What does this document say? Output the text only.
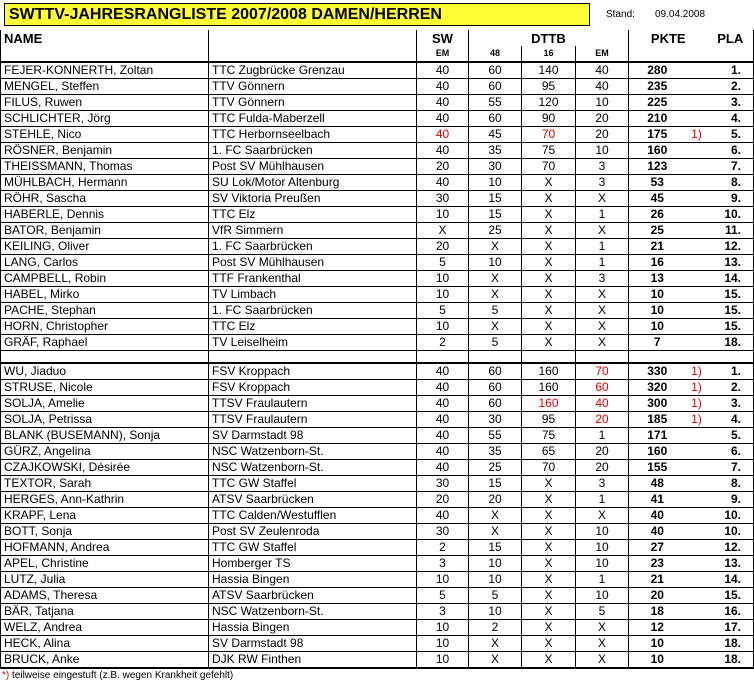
SWTTV-JAHRESRANGLISTE 2007/2008 DAMEN/HERREN	Stand: 09.04.2008
NAME		SW	DTTB			PKTE		PLA
		EM	48	16	EM			
FEJER-KONNERTH, Zoltan	TTC Zugbrücke Grenzau	40	60	140	40	280		1.
MENGEL, Steffen	TTV Gönnern	40	60	95	40	235		2.
FILUS, Ruwen	TTV Gönnern	40	55	120	10	225		3.
SCHLICHTER, Jörg	TTC Fulda-Maberzell	40	60	90	20	210		4.
STEHLE, Nico	TTC Herbornseelbach	40	45	70	20	175	1)	5.
RÖSNER, Benjamin	1. FC Saarbrücken	40	35	75	10	160		6.
THEISSMANN, Thomas	Post SV Mühlhausen	20	30	70	3	123		7.
MÜHLBACH, Hermann	SU Lok/Motor Altenburg	40	10	X	3	53		8.
RÖHR, Sascha	SV Viktoria Preußen	30	15	X	X	45		9.
HABERLE, Dennis	TTC Elz	10	15	X	1	26		10.
BATOR, Benjamin	VfR Simmern	X	25	X	X	25		11.
KEILING, Oliver	1. FC Saarbrücken	20	X	X	1	21		12.
LANG, Carlos	Post SV Mühlhausen	5	10	X	1	16		13.
CAMPBELL, Robin	TTF Frankenthal	10	X	X	3	13		14.
HABEL, Mirko	TV Limbach	10	X	X	X	10		15.
PACHE, Stephan	1. FC Saarbrücken	5	5	X	X	10		15.
HORN, Christopher	TTC Elz	10	X	X	X	10		15.
GRÄF, Raphael	TV Leiselheim	2	5	X	X	7		18.

WU, Jiaduo	FSV Kroppach	40	60	160	70	330	1)	1.
STRUSE, Nicole	FSV Kroppach	40	60	160	60	320	1)	2.
SOLJA, Amelie	TTSV Fraulautern	40	60	160	40	300	1)	3.
SOLJA, Petrissa	TTSV Fraulautern	40	30	95	20	185	1)	4.
BLANK (BUSEMANN), Sonja	SV Darmstadt 98	40	55	75	1	171		5.
GÜRZ, Angelina	NSC Watzenborn-St.	40	35	65	20	160		6.
CZAJKOWSKI, Désirée	NSC Watzenborn-St.	40	25	70	20	155		7.
TEXTOR, Sarah	TTC GW Staffel	30	15	X	3	48		8.
HERGES, Ann-Kathrin	ATSV Saarbrücken	20	20	X	1	41		9.
KRAPF, Lena	TTC Calden/Westufflen	40	X	X	X	40		10.
BOTT, Sonja	Post SV Zeulenroda	30	X	X	10	40		10.
HOFMANN, Andrea	TTC GW Staffel	2	15	X	10	27		12.
APEL, Christine	Homberger TS	3	10	X	10	23		13.
LUTZ, Julia	Hassia Bingen	10	10	X	1	21		14.
ADAMS, Theresa	ATSV Saarbrücken	5	5	X	10	20		15.
BÄR, Tatjana	NSC Watzenborn-St.	3	10	X	5	18		16.
WELZ, Andrea	Hassia Bingen	10	2	X	X	12		17.
HECK, Alina	SV Darmstadt 98	10	X	X	X	10		18.
BRUCK, Anke	DJK RW Finthen	10	X	X	X	10		18.
*) teilweise eingestuft (z.B. wegen Krankheit gefehlt)
